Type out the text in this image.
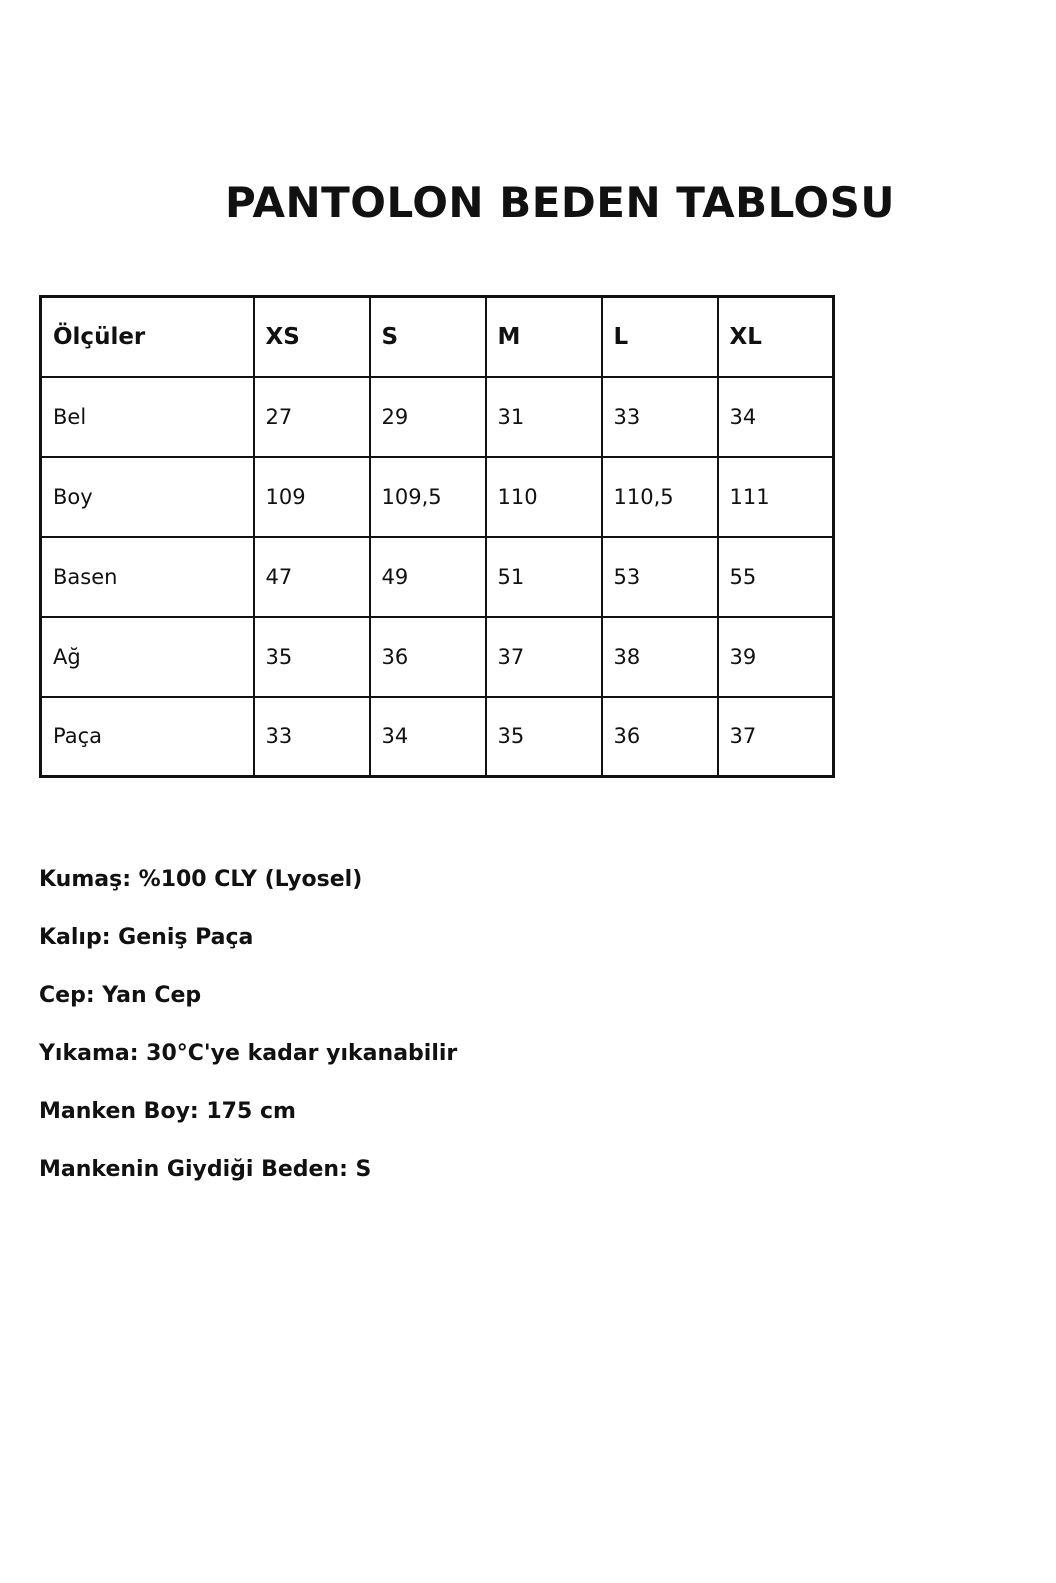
PANTOLON BEDEN TABLOSU
Ölçüler	XS	S	M	L	XL
Bel	27	29	31	33	34
Boy	109	109,5	110	110,5	111
Basen	47	49	51	53	55
Ağ	35	36	37	38	39
Paça	33	34	35	36	37
Kumaş: %100 CLY (Lyosel)
Kalıp: Geniş Paça
Cep: Yan Cep
Yıkama: 30°C'ye kadar yıkanabilir
Manken Boy: 175 cm
Mankenin Giydiği Beden: S
